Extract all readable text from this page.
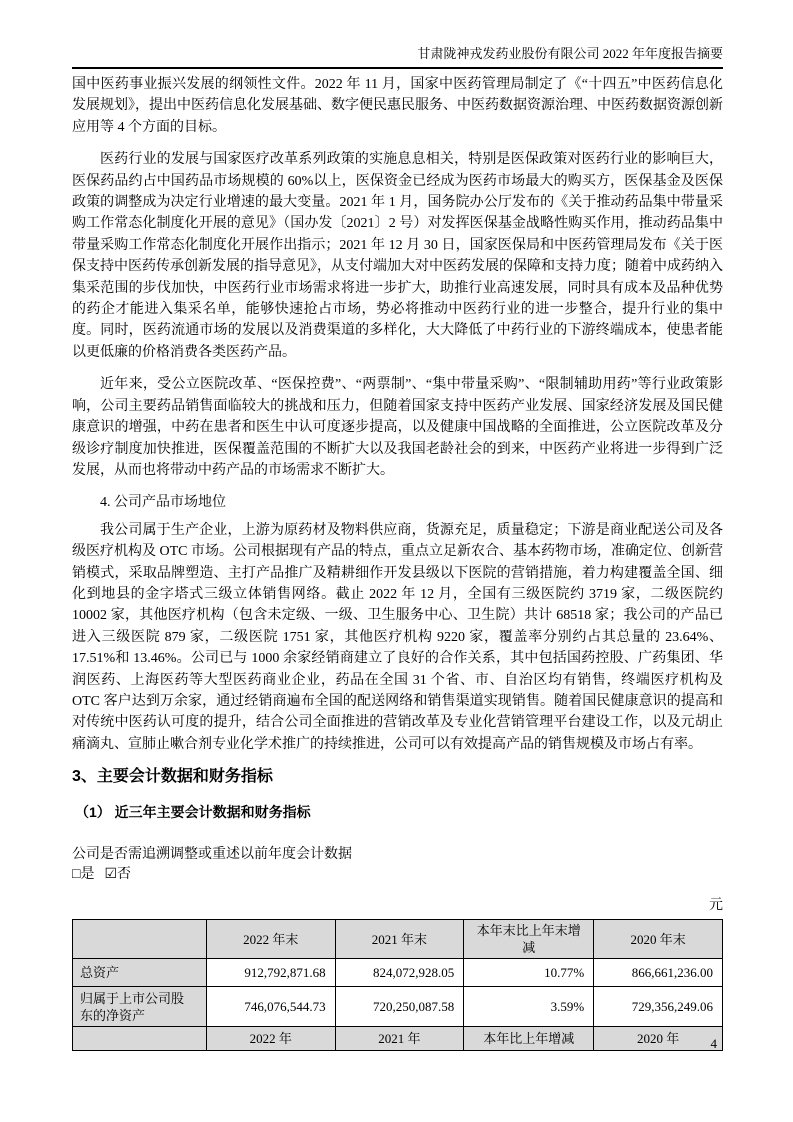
甘肃陇神戎发药业股份有限公司 2022 年年度报告摘要

国中医药事业振兴发展的纲领性文件。2022 年 11 月，国家中医药管理局制定了《“十四五”中医药信息化发展规划》，提出中医药信息化发展基础、数字便民惠民服务、中医药数据资源治理、中医药数据资源创新应用等 4 个方面的目标。

医药行业的发展与国家医疗改革系列政策的实施息息相关，特别是医保政策对医药行业的影响巨大，医保药品约占中国药品市场规模的 60%以上，医保资金已经成为医药市场最大的购买方，医保基金及医保政策的调整成为决定行业增速的最大变量。2021 年 1 月，国务院办公厅发布的《关于推动药品集中带量采购工作常态化制度化开展的意见》（国办发〔2021〕2 号）对发挥医保基金战略性购买作用，推动药品集中带量采购工作常态化制度化开展作出指示；2021 年 12 月 30 日，国家医保局和中医药管理局发布《关于医保支持中医药传承创新发展的指导意见》，从支付端加大对中医药发展的保障和支持力度；随着中成药纳入集采范围的步伐加快，中医药行业市场需求将进一步扩大，助推行业高速发展，同时具有成本及品种优势的药企才能进入集采名单，能够快速抢占市场，势必将推动中医药行业的进一步整合，提升行业的集中度。同时，医药流通市场的发展以及消费渠道的多样化，大大降低了中药行业的下游终端成本，使患者能以更低廉的价格消费各类医药产品。

近年来，受公立医院改革、“医保控费”、“两票制”、“集中带量采购”、“限制辅助用药”等行业政策影响，公司主要药品销售面临较大的挑战和压力，但随着国家支持中医药产业发展、国家经济发展及国民健康意识的增强，中药在患者和医生中认可度逐步提高，以及健康中国战略的全面推进，公立医院改革及分级诊疗制度加快推进，医保覆盖范围的不断扩大以及我国老龄社会的到来，中医药产业将进一步得到广泛发展，从而也将带动中药产品的市场需求不断扩大。

4. 公司产品市场地位

我公司属于生产企业，上游为原药材及物料供应商，货源充足，质量稳定；下游是商业配送公司及各级医疗机构及 OTC 市场。公司根据现有产品的特点，重点立足新农合、基本药物市场，准确定位、创新营销模式，采取品牌塑造、主打产品推广及精耕细作开发县级以下医院的营销措施，着力构建覆盖全国、细化到地县的金字塔式三级立体销售网络。截止 2022 年 12 月，全国有三级医院约 3719 家，二级医院约 10002 家，其他医疗机构（包含未定级、一级、卫生服务中心、卫生院）共计 68518 家；我公司的产品已进入三级医院 879 家，二级医院 1751 家，其他医疗机构 9220 家，覆盖率分别约占其总量的 23.64%、17.51%和 13.46%。公司已与 1000 余家经销商建立了良好的合作关系，其中包括国药控股、广药集团、华润医药、上海医药等大型医药商业企业，药品在全国 31 个省、市、自治区均有销售，终端医疗机构及 OTC 客户达到万余家，通过经销商遍布全国的配送网络和销售渠道实现销售。随着国民健康意识的提高和对传统中医药认可度的提升，结合公司全面推进的营销改革及专业化营销管理平台建设工作，以及元胡止痛滴丸、宣肺止嗽合剂专业化学术推广的持续推进，公司可以有效提高产品的销售规模及市场占有率。

3、主要会计数据和财务指标
（1） 近三年主要会计数据和财务指标

公司是否需追溯调整或重述以前年度会计数据

□是 ☑否

元
	2022 年末	2021 年末	本年末比上年末增减	2020 年末
总资产	912,792,871.68	824,072,928.05	10.77%	866,661,236.00
归属于上市公司股东的净资产	746,076,544.73	720,250,087.58	3.59%	729,356,249.06
	2022 年	2021 年	本年比上年增减	2020 年 4
